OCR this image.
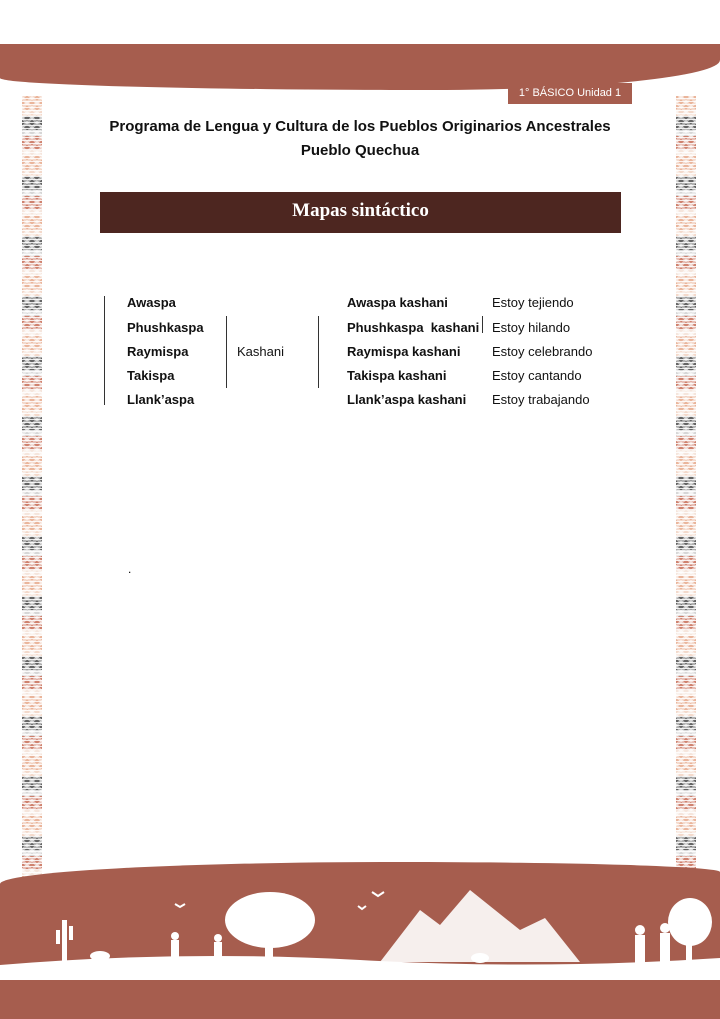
1° BÁSICO Unidad 1
Programa de Lengua y Cultura de los Pueblos Originarios Ancestrales
Pueblo Quechua
Mapas sintáctico
Awaspa
Phushkaspa
Raymispa
Takispa
Llank’aspa
Kashani
Awaspa kashani
Phushkaspa  kashani
Raymispa kashani
Takispa kashani
Llank’aspa kashani
Estoy tejiendo
Estoy hilando
Estoy celebrando
Estoy cantando
Estoy trabajando
.
